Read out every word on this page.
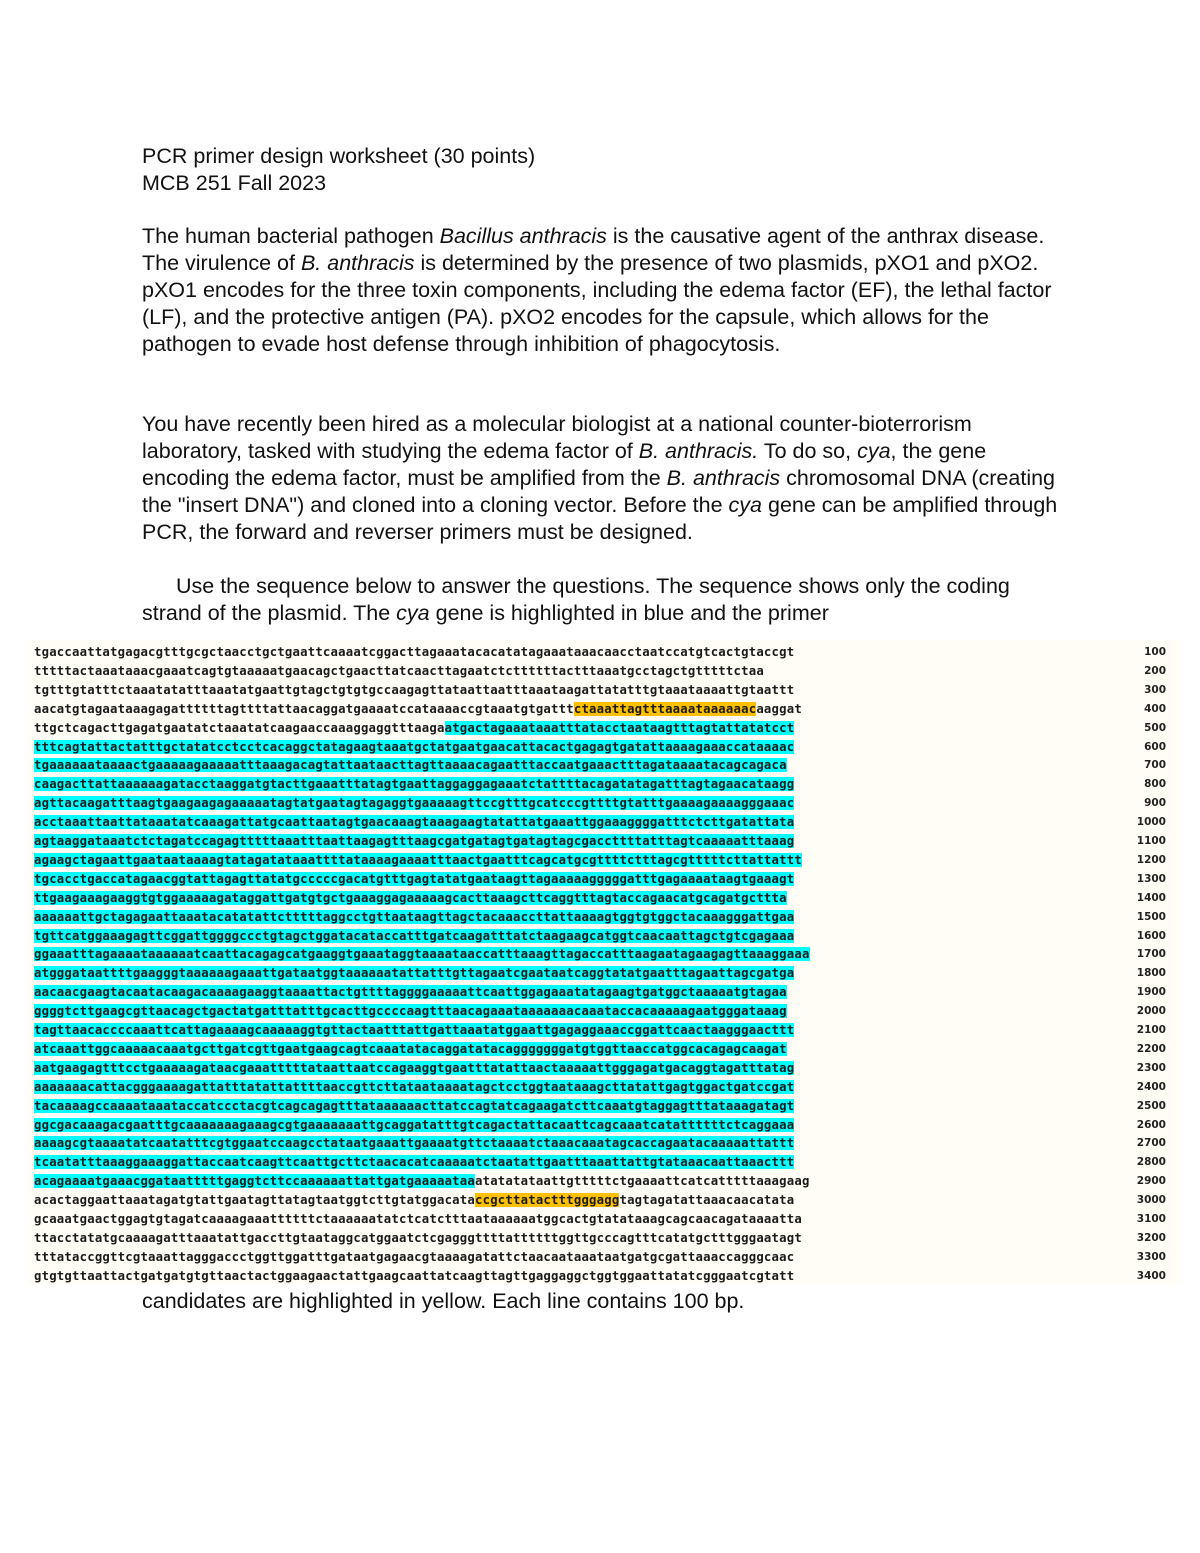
PCR primer design worksheet (30 points)

MCB 251 Fall 2023

The human bacterial pathogen Bacillus anthracis is the causative agent of the anthrax disease. The virulence of B. anthracis is determined by the presence of two plasmids, pXO1 and pXO2. pXO1 encodes for the three toxin components, including the edema factor (EF), the lethal factor (LF), and the protective antigen (PA). pXO2 encodes for the capsule, which allows for the pathogen to evade host defense through inhibition of phagocytosis.

You have recently been hired as a molecular biologist at a national counter-bioterrorism laboratory, tasked with studying the edema factor of B. anthracis. To do so, cya, the gene encoding the edema factor, must be amplified from the B. anthracis chromosomal DNA (creating the "insert DNA") and cloned into a cloning vector. Before the cya gene can be amplified through PCR, the forward and reverser primers must be designed.

Use the sequence below to answer the questions. The sequence shows only the coding strand of the plasmid. The cya gene is highlighted in blue and the primer

tgaccaattatgagacgtttgcgctaacctgctgaattcaaaatcggacttagaaatacacatatagaaataaacaacctaatccatgtcactgtaccgt	100
tttttactaaataaacgaaatcagtgtaaaaatgaacagctgaacttatcaacttagaatctcttttttactttaaatgcctagctgtttttctaa	200
tgtttgtatttctaaatatatttaaatatgaattgtagctgtgtgccaagagttataattaatttaaataagattatatttgtaaataaaattgtaattt	300
aacatgtagaataaagagattttttagttttattaacaggatgaaaatccataaaaccgtaaatgtgatttctaaattagtttaaaataaaaaacaaggat	400
ttgctcagacttgagatgaatatctaaatatcaagaaccaaaggaggtttaagaatgactagaaataaatttatacctaataagtttagtattatatcct	500
tttcagtattactatttgctatatcctcctcacaggctatagaagtaaatgctatgaatgaacattacactgagagtgatattaaaagaaaccataaaac	600
tgaaaaaataaaactgaaaaagaaaaatttaaagacagtattaataacttagttaaaacagaatttaccaatgaaactttagataaaatacagcagaca	700
caagacttattaaaaaagatacctaaggatgtacttgaaatttatagtgaattaggaggagaaatctattttacagatatagatttagtagaacataagg	800
agttacaagatttaagtgaagaagagaaaaatagtatgaatagtagaggtgaaaaagttccgtttgcatcccgttttgtatttgaaaagaaaagggaaac	900
acctaaattaattataaatatcaaagattatgcaattaatagtgaacaaagtaaagaagtatattatgaaattggaaaggggatttctcttgatattata	1000
agtaaggataaatctctagatccagagtttttaaatttaattaagagtttaagcgatgatagtgatagtagcgaccttttatttagtcaaaaatttaaag	1100
agaagctagaattgaataataaaagtatagatataaattttataaaagaaaatttaactgaatttcagcatgcgttttctttagcgtttttcttattattt	1200
tgcacctgaccatagaacggtattagagttatatgcccccgacatgtttgagtatatgaataagttagaaaaagggggatttgagaaaataagtgaaagt	1300
ttgaagaaagaaggtgtggaaaaagataggattgatgtgctgaaaggagaaaaagcacttaaagcttcaggtttagtaccagaacatgcagatgcttta	1400
aaaaaattgctagagaattaaatacatatattctttttaggcctgttaataagttagctacaaaccttattaaaagtggtgtggctacaaagggattgaa	1500
tgttcatggaaagagttcggattggggccctgtagctggatacataccatttgatcaagatttatctaagaagcatggtcaacaattagctgtcgagaaa	1600
ggaaatttagaaaataaaaaatcaattacagagcatgaaggtgaaataggtaaaataaccatttaaagttagaccatttaagaatagaagagttaaaggaaa	1700
atgggataattttgaagggtaaaaaagaaattgataatggtaaaaaatattatttgttagaatcgaataatcaggtatatgaatttagaattagcgatga	1800
aacaacgaagtacaatacaagacaaaagaaggtaaaattactgttttaggggaaaaattcaattggagaaatatagaagtgatggctaaaaatgtagaa	1900
ggggtcttgaagcgttaacagctgactatgatttatttgcacttgccccaagtttaacagaaataaaaaaacaaataccacaaaaagaatgggataaag	2000
tagttaacaccccaaattcattagaaaagcaaaaaggtgttactaatttattgattaaatatggaattgagaggaaaccggattcaactaagggaacttt	2100
atcaaattggcaaaaacaaatgcttgatcgttgaatgaagcagtcaaatatacaggatatacagggggggatgtggttaaccatggcacagagcaagat	2200
aatgaagagtttcctgaaaaagataacgaaatttttataattaatccagaaggtgaatttatattaactaaaaattgggagatgacaggtagatttatag	2300
aaaaaaacattacgggaaaagattatttatattattttaaccgttcttataataaaatagctcctggtaataaagcttatattgagtggactgatccgat	2400
tacaaaagccaaaataaataccatccctacgtcagcagagtttataaaaaacttatccagtatcagaagatcttcaaatgtaggagtttataaagatagt	2500
ggcgacaaagacgaatttgcaaaaaaagaaagcgtgaaaaaaattgcaggatatttgtcagactattacaattcagcaaatcatattttttctcaggaaa	2600
aaaagcgtaaaatatcaatatttcgtggaatccaagcctataatgaaattgaaaatgttctaaaatctaaacaaatagcaccagaatacaaaaattattt	2700
tcaatatttaaaggaaaggattaccaatcaagttcaattgcttctaacacatcaaaaatctaatattgaatttaaattattgtataaacaattaaacttt	2800
acagaaaatgaaacggataatttttgaggtcttccaaaaaattattgatgaaaaataaatatatataattgtttttctgaaaattcatcatttttaaagaag	2900
acactaggaattaaatagatgtattgaatagttatagtaatggtcttgtatggacataccgcttatactttgggaggtagtagatattaaacaacatata	3000
gcaaatgaactggagtgtagatcaaaagaaattttttctaaaaaatatctcatctttaataaaaaatggcactgtatataaagcagcaacagataaaatta	3100
ttacctatatgcaaaagatttaaatattgaccttgtaataggcatggaatctcgagggttttattttttggttgcccagtttcatatgctttgggaatagt	3200
tttataccggttcgtaaattagggaccctggttggatttgataatgagaacgtaaaagatattctaacaataaataatgatgcgattaaaccagggcaac	3300
gtgtgttaattactgatgatgtgttaactactggaagaactattgaagcaattatcaagttagttgaggaggctggtggaattatatcgggaatcgtatt	3400

candidates are highlighted in yellow. Each line contains 100 bp.
